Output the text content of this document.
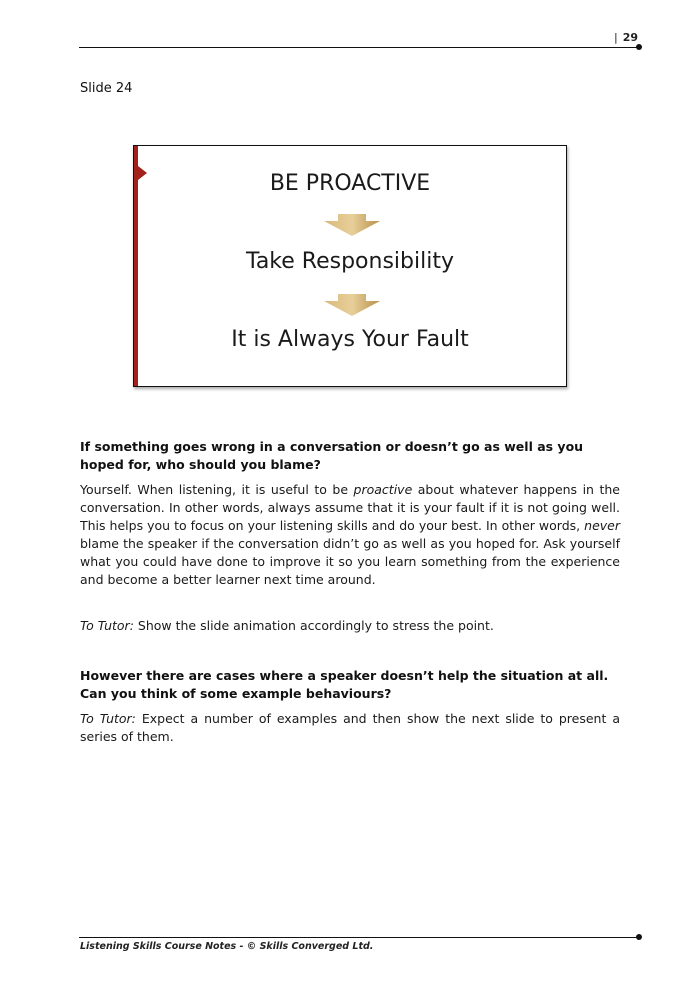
| 29
Slide 24
BE PROACTIVE
Take Responsibility
It is Always Your Fault
If something goes wrong in a conversation or doesn’t go as well as you hoped for, who should you blame?
Yourself. When listening, it is useful to be proactive about whatever happens in the conversation. In other words, always assume that it is your fault if it is not going well. This helps you to focus on your listening skills and do your best. In other words, never blame the speaker if the conversation didn’t go as well as you hoped for. Ask yourself what you could have done to improve it so you learn something from the experience and become a better learner next time around.
To Tutor: Show the slide animation accordingly to stress the point.
However there are cases where a speaker doesn’t help the situation at all. Can you think of some example behaviours?
To Tutor: Expect a number of examples and then show the next slide to present a series of them.
Listening Skills Course Notes - © Skills Converged Ltd.
